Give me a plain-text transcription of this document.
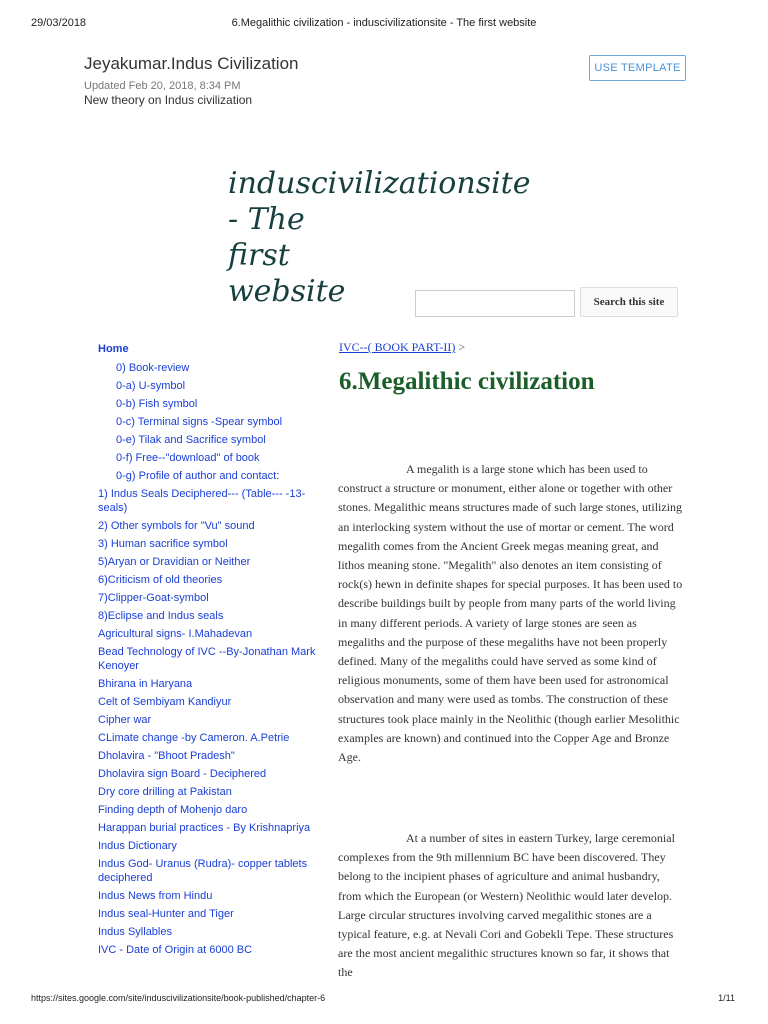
29/03/2018	6.Megalithic civilization - induscivilizationsite - The first website
Jeyakumar.Indus Civilization
Updated Feb 20, 2018, 8:34 PM
New theory on Indus civilization
USE TEMPLATE
induscivilizationsite
- The
first
website	Search this site
Home
0) Book-review
0-a) U-symbol
0-b) Fish symbol
0-c) Terminal signs -Spear symbol
0-e) Tilak and Sacrifice symbol
0-f) Free--"download" of book
0-g) Profile of author and contact:
1) Indus Seals Deciphered--- (Table--- -13-seals)
2) Other symbols for "Vu" sound
3) Human sacrifice symbol
5)Aryan or Dravidian or Neither
6)Criticism of old theories
7)Clipper-Goat-symbol
8)Eclipse and Indus seals
Agricultural signs- I.Mahadevan
Bead Technology of IVC --By-Jonathan Mark Kenoyer
Bhirana in Haryana
Celt of Sembiyam Kandiyur
Cipher war
CLimate change -by Cameron. A.Petrie
Dholavira - "Bhoot Pradesh"
Dholavira sign Board - Deciphered
Dry core drilling at Pakistan
Finding depth of Mohenjo daro
Harappan burial practices - By Krishnapriya
Indus Dictionary
Indus God- Uranus (Rudra)- copper tablets deciphered
Indus News from Hindu
Indus seal-Hunter and Tiger
Indus Syllables
IVC - Date of Origin at 6000 BC
IVC--( BOOK PART-II) >
6.Megalithic civilization

A megalith is a large stone which has been used to construct a structure or monument, either alone or together with other stones. Megalithic means structures made of such large stones, utilizing an interlocking system without the use of mortar or cement. The word megalith comes from the Ancient Greek megas meaning great, and lithos meaning stone. "Megalith" also denotes an item consisting of rock(s) hewn in definite shapes for special purposes. It has been used to describe buildings built by people from many parts of the world living in many different periods. A variety of large stones are seen as megaliths and the purpose of these megaliths have not been properly defined. Many of the megaliths could have served as some kind of religious monuments, some of them have been used for astronomical observation and many were used as tombs. The construction of these structures took place mainly in the Neolithic (though earlier Mesolithic examples are known) and continued into the Copper Age and Bronze Age.

At a number of sites in eastern Turkey, large ceremonial complexes from the 9th millennium BC have been discovered. They belong to the incipient phases of agriculture and animal husbandry, from which the European (or Western) Neolithic would later develop. Large circular structures involving carved megalithic stones are a typical feature, e.g. at Nevali Cori and Gobekli Tepe. These structures are the most ancient megalithic structures known so far, it shows that the

https://sites.google.com/site/induscivilizationsite/book-published/chapter-6	1/11
